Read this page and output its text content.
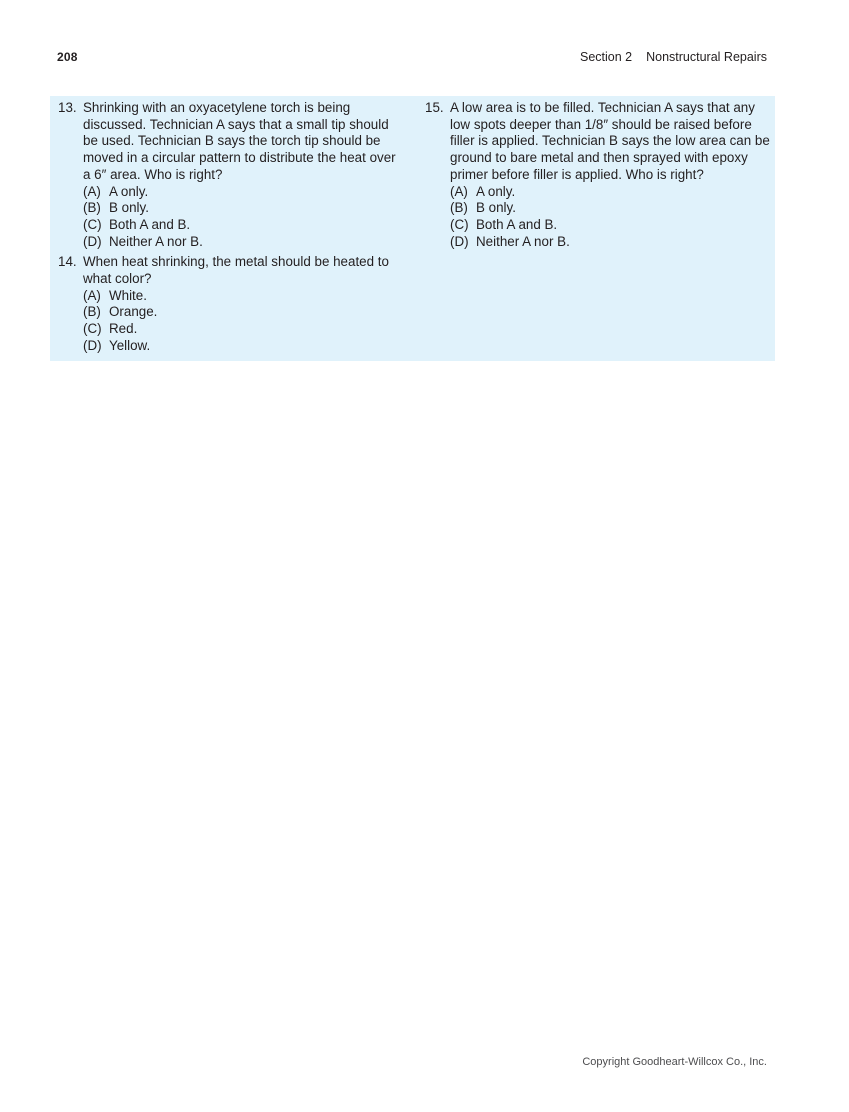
208	Section 2 Nonstructural Repairs
13. Shrinking with an oxyacetylene torch is being discussed. Technician A says that a small tip should be used. Technician B says the torch tip should be moved in a circular pattern to distribute the heat over a 6″ area. Who is right?
(A) A only.
(B) B only.
(C) Both A and B.
(D) Neither A nor B.
14. When heat shrinking, the metal should be heated to what color?
(A) White.
(B) Orange.
(C) Red.
(D) Yellow.
15. A low area is to be filled. Technician A says that any low spots deeper than 1/8″ should be raised before filler is applied. Technician B says the low area can be ground to bare metal and then sprayed with epoxy primer before filler is applied. Who is right?
(A) A only.
(B) B only.
(C) Both A and B.
(D) Neither A nor B.
Copyright Goodheart-Willcox Co., Inc.
